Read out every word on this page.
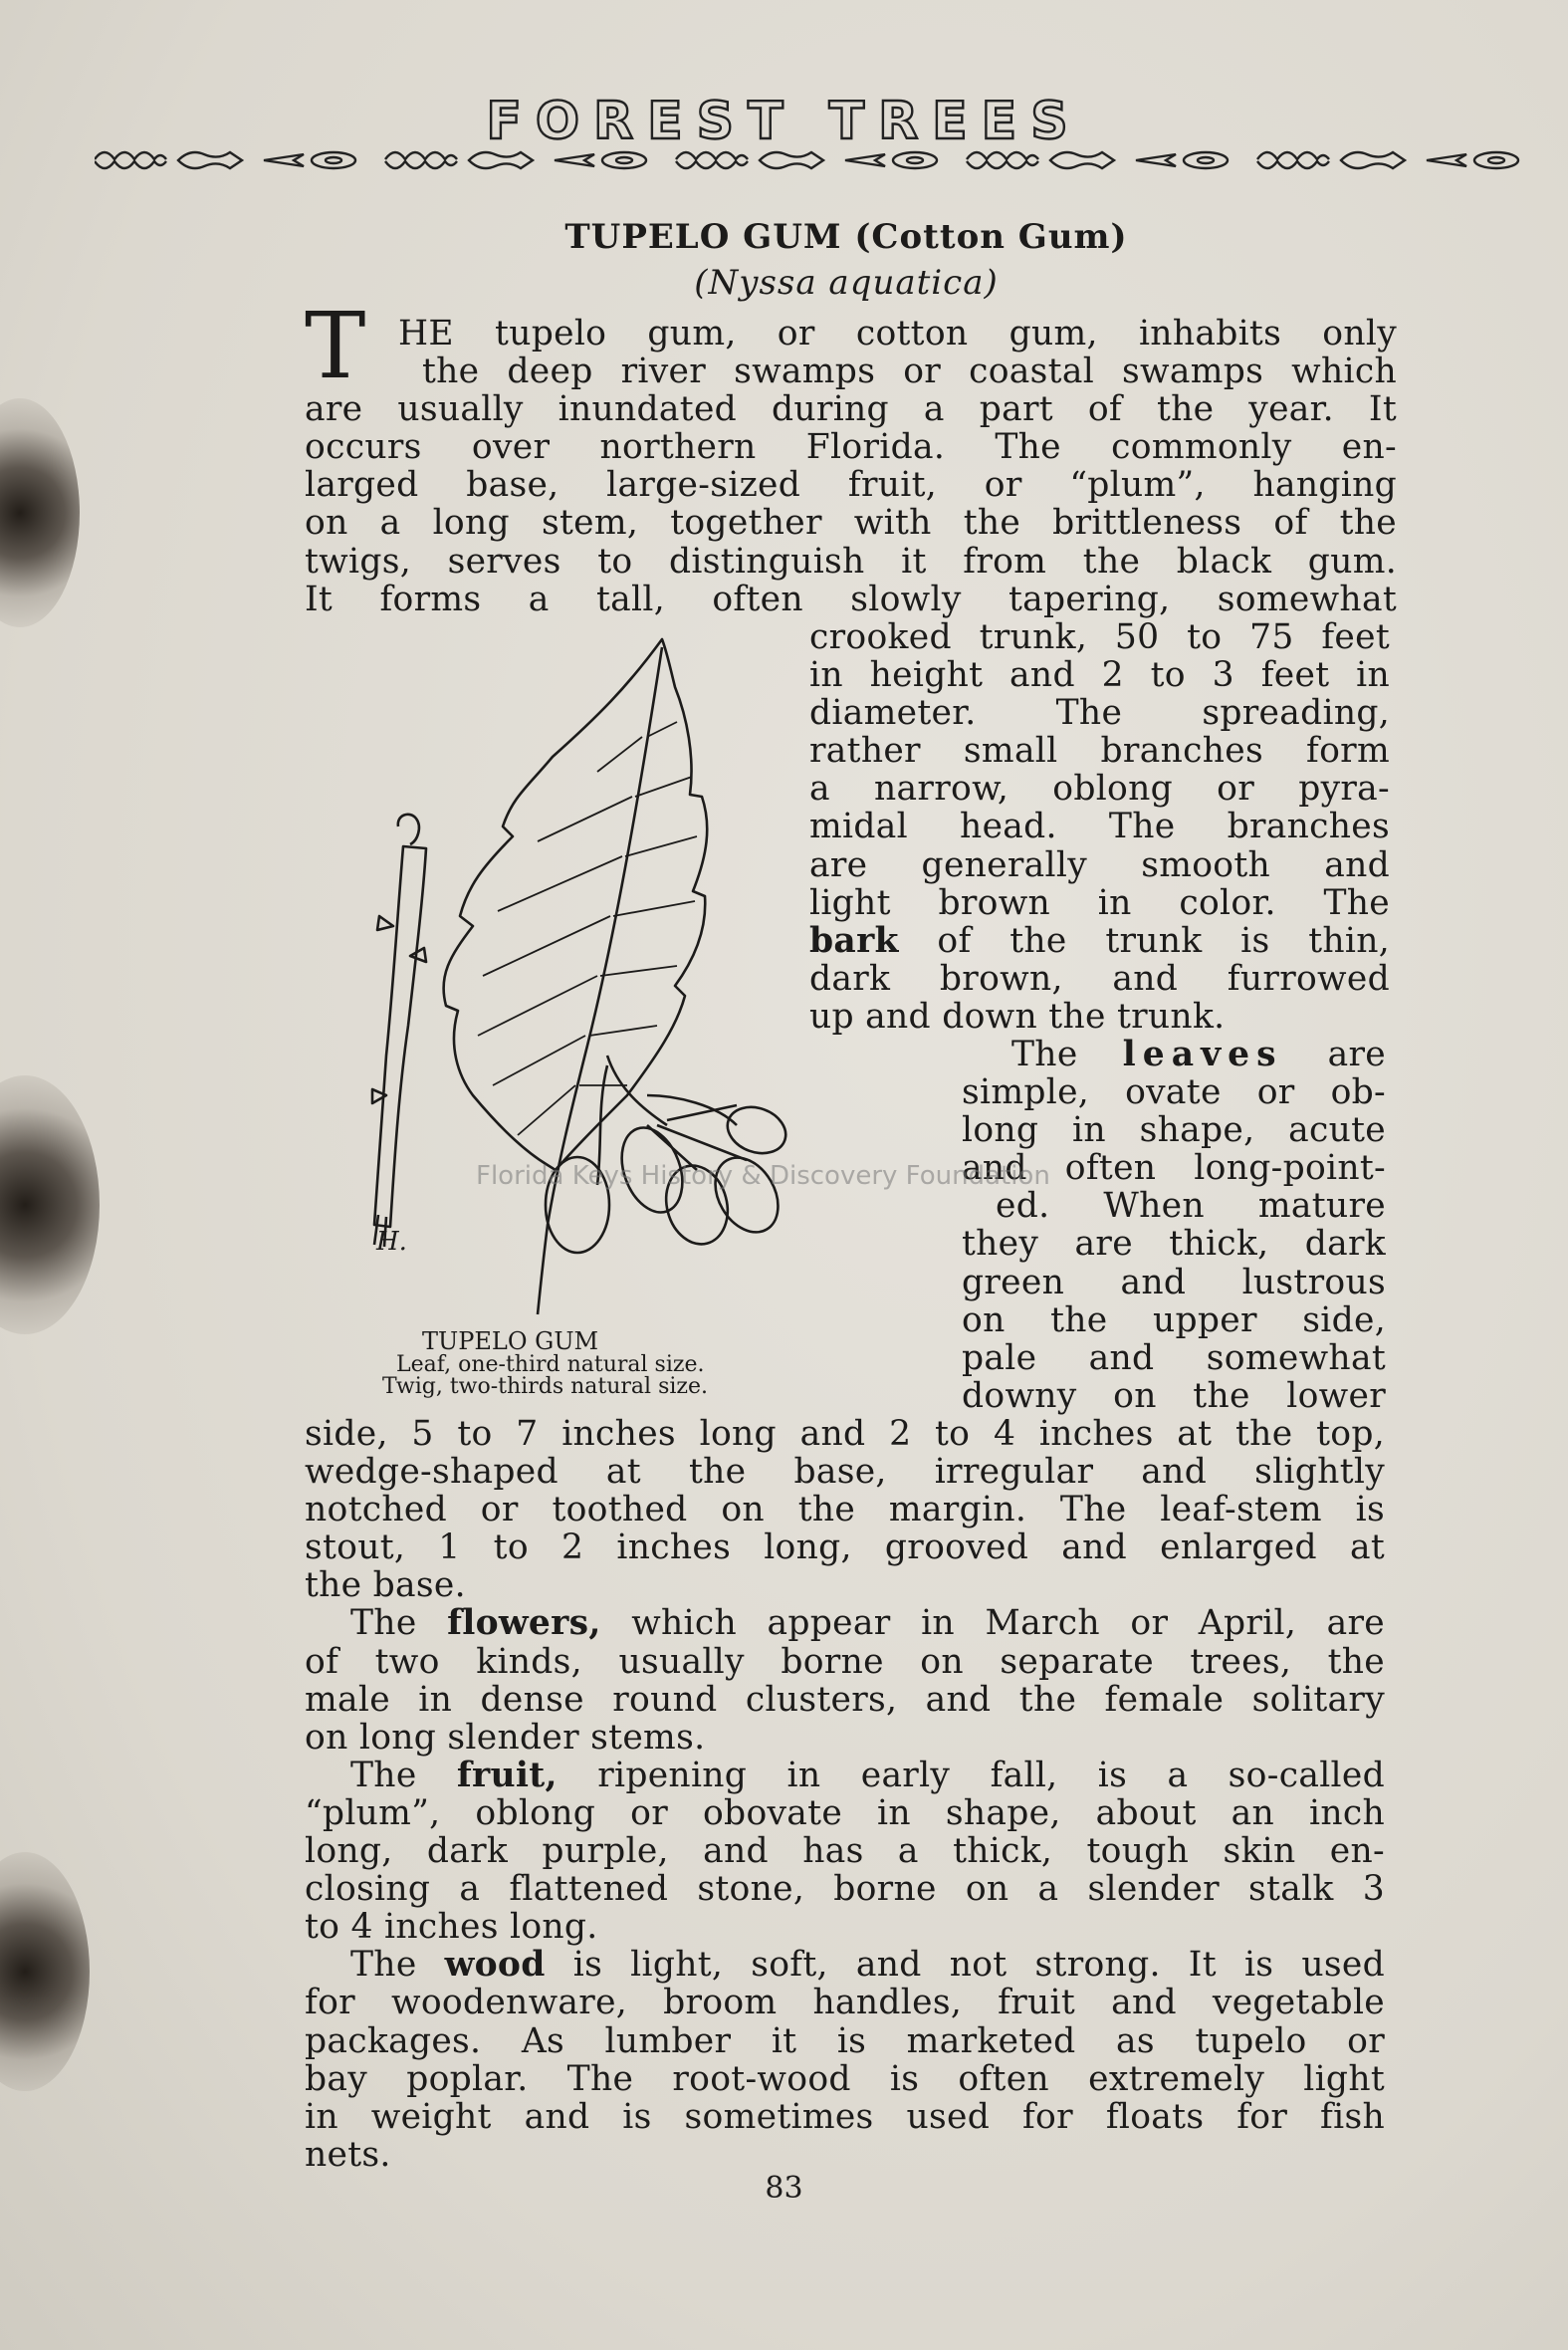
FOREST TREES
TUPELO GUM (Cotton Gum)
(Nyssa aquatica)
T HE tupelo gum, or cotton gum, inhabits only
the deep river swamps or coastal swamps which
are usually inundated during a part of the year. It
occurs over northern Florida. The commonly en-
larged base, large-sized fruit, or “plum”, hanging
on a long stem, together with the brittleness of the
twigs, serves to distinguish it from the black gum.
It forms a tall, often slowly tapering, somewhat
crooked trunk, 50 to 75 feet
in height and 2 to 3 feet in
diameter. The spreading,
rather small branches form
a narrow, oblong or pyra-
midal head. The branches
are generally smooth and
light brown in color. The
bark of the trunk is thin,
dark brown, and furrowed
up and down the trunk.
The leaves are
simple, ovate or ob-
long in shape, acute
and often long-point-
ed. When mature
they are thick, dark
green and lustrous
on the upper side,
pale and somewhat
downy on the lower
H.
TUPELO GUM
Leaf, one-third natural size.
Twig, two-thirds natural size.
Florida Keys History & Discovery Foundation
side, 5 to 7 inches long and 2 to 4 inches at the top,
wedge-shaped at the base, irregular and slightly
notched or toothed on the margin. The leaf-stem is
stout, 1 to 2 inches long, grooved and enlarged at
the base.
The flowers, which appear in March or April, are
of two kinds, usually borne on separate trees, the
male in dense round clusters, and the female solitary
on long slender stems.
The fruit, ripening in early fall, is a so-called
“plum”, oblong or obovate in shape, about an inch
long, dark purple, and has a thick, tough skin en-
closing a flattened stone, borne on a slender stalk 3
to 4 inches long.
The wood is light, soft, and not strong. It is used
for woodenware, broom handles, fruit and vegetable
packages. As lumber it is marketed as tupelo or
bay poplar. The root-wood is often extremely light
in weight and is sometimes used for floats for fish
nets.
83
